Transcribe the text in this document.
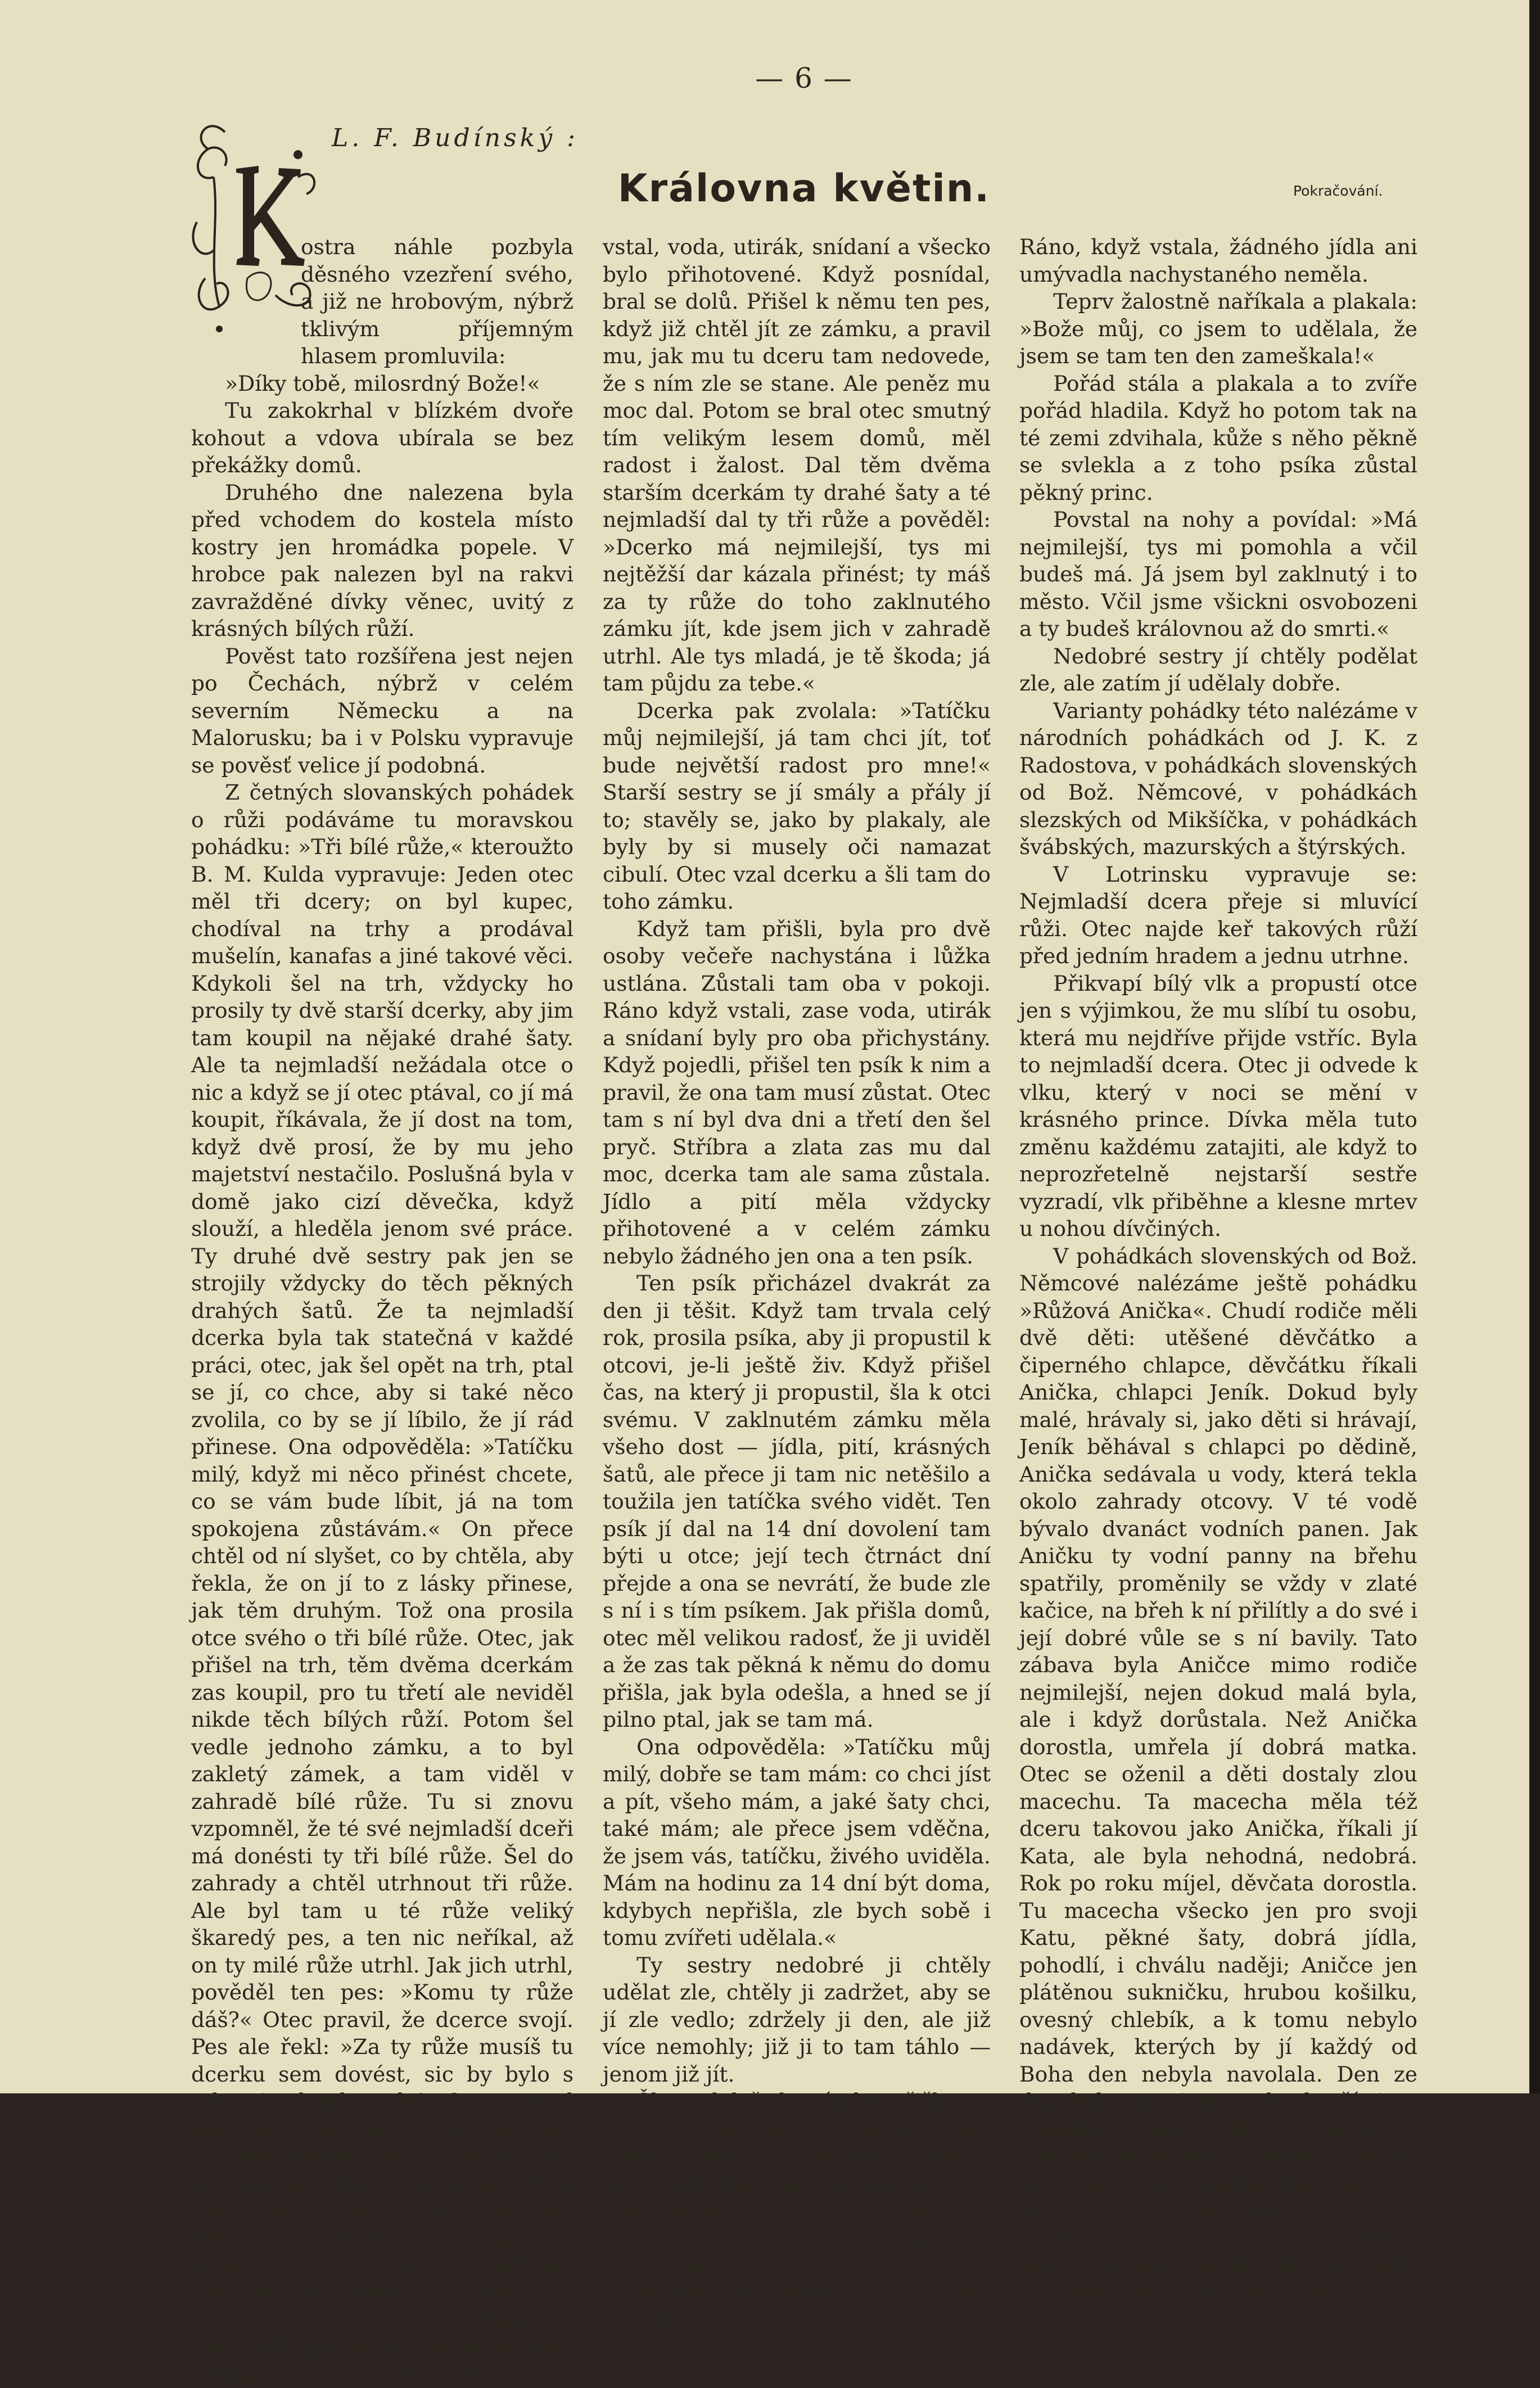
— 6 —
L. F. Budínský :
Královna květin.	Pokračování.

ostra náhle pozbyla děsného vzezření svého, a již ne hrobovým, nýbrž tklivým příjemným hlasem promluvila:

»Díky tobě, milosrdný Bože!«

Tu zakokrhal v blízkém dvoře kohout a vdova ubírala se bez překážky domů.

Druhého dne nalezena byla před vchodem do kostela místo kostry jen hromádka popele. V hrobce pak nalezen byl na rakvi zavražděné dívky věnec, uvitý z krásných bílých růží.

Pověst tato rozšířena jest nejen po Čechách, nýbrž v celém severním Německu a na Malorusku; ba i v Polsku vypravuje se pověsť velice jí podobná.

Z četných slovanských pohádek o růži podáváme tu moravskou pohádku: »Tři bílé růže,« kteroužto B. M. Kulda vypravuje: Jeden otec měl tři dcery; on byl kupec, chodíval na trhy a prodával mušelín, kanafas a jiné takové věci. Kdykoli šel na trh, vždycky ho prosily ty dvě starší dcerky, aby jim tam koupil na nějaké drahé šaty. Ale ta nejmladší nežádala otce o nic a když se jí otec ptával, co jí má koupit, říkávala, že jí dost na tom, když dvě prosí, že by mu jeho majetství nestačilo. Poslušná byla v domě jako cizí děvečka, když slouží, a hleděla jenom své práce. Ty druhé dvě sestry pak jen se strojily vždycky do těch pěkných drahých šatů. Že ta nejmladší dcerka byla tak statečná v každé práci, otec, jak šel opět na trh, ptal se jí, co chce, aby si také něco zvolila, co by se jí líbilo, že jí rád přinese. Ona odpověděla: »Tatíčku milý, když mi něco přinést chcete, co se vám bude líbit, já na tom spokojena zůstávám.« On přece chtěl od ní slyšet, co by chtěla, aby řekla, že on jí to z lásky přinese, jak těm druhým. Tož ona prosila otce svého o tři bílé růže. Otec, jak přišel na trh, těm dvěma dcerkám zas koupil, pro tu třetí ale neviděl nikde těch bílých růží. Potom šel vedle jednoho zámku, a to byl zakletý zámek, a tam viděl v zahradě bílé růže. Tu si znovu vzpomněl, že té své nejmladší dceři má donésti ty tři bílé růže. Šel do zahrady a chtěl utrhnout tři růže. Ale byl tam u té růže veliký škaredý pes, a ten nic neříkal, až on ty milé růže utrhl. Jak jich utrhl, pověděl ten pes: »Komu ty růže dáš?« Otec pravil, že dcerce svojí. Pes ale řekl: »Za ty růže musíš tu dcerku sem dovést, sic by bylo s tebou i s dcerkou zle!« Otec se nad tím velice zarmoutil a nevěděl, má-li s těmi růžemi odejít či nemá. Tak ho tam zašla tma a on musel v tom zaklnutém zámku zůstat přes noc. Když tam povečeřel, tož se po těch světnicích procházel a žádného tam nenalezl, jenom na stolíku pro jednu osobu večeři přichystanou i také lůžko pro jednu osobu ustlané. Zůstal tam na noc. Ráno, když

vstal, voda, utirák, snídaní a všecko bylo přihotovené. Když posnídal, bral se dolů. Přišel k němu ten pes, když již chtěl jít ze zámku, a pravil mu, jak mu tu dceru tam nedovede, že s ním zle se stane. Ale peněz mu moc dal. Potom se bral otec smutný tím velikým lesem domů, měl radost i žalost. Dal těm dvěma starším dcerkám ty drahé šaty a té nejmladší dal ty tři růže a pověděl: »Dcerko má nejmilejší, tys mi nejtěžší dar kázala přinést; ty máš za ty růže do toho zaklnutého zámku jít, kde jsem jich v zahradě utrhl. Ale tys mladá, je tě škoda; já tam půjdu za tebe.«

Dcerka pak zvolala: »Tatíčku můj nejmilejší, já tam chci jít, toť bude největší radost pro mne!« Starší sestry se jí smály a přály jí to; stavěly se, jako by plakaly, ale byly by si musely oči namazat cibulí. Otec vzal dcerku a šli tam do toho zámku.

Když tam přišli, byla pro dvě osoby večeře nachystána i lůžka ustlána. Zůstali tam oba v pokoji. Ráno když vstali, zase voda, utirák a snídaní byly pro oba přichystány. Když pojedli, přišel ten psík k nim a pravil, že ona tam musí zůstat. Otec tam s ní byl dva dni a třetí den šel pryč. Stříbra a zlata zas mu dal moc, dcerka tam ale sama zůstala. Jídlo a pití měla vždycky přihotovené a v celém zámku nebylo žádného jen ona a ten psík.

Ten psík přicházel dvakrát za den ji těšit. Když tam trvala celý rok, prosila psíka, aby ji propustil k otcovi, je-li ještě živ. Když přišel čas, na který ji propustil, šla k otci svému. V zaklnutém zámku měla všeho dost — jídla, pití, krásných šatů, ale přece ji tam nic netěšilo a toužila jen tatíčka svého vidět. Ten psík jí dal na 14 dní dovolení tam býti u otce; její tech čtrnáct dní přejde a ona se nevrátí, že bude zle s ní i s tím psíkem. Jak přišla domů, otec měl velikou radosť, že ji uviděl a že zas tak pěkná k němu do domu přišla, jak byla odešla, a hned se jí pilno ptal, jak se tam má.

Ona odpověděla: »Tatíčku můj milý, dobře se tam mám: co chci jíst a pít, všeho mám, a jaké šaty chci, také mám; ale přece jsem vděčna, že jsem vás, tatíčku, živého uviděla. Mám na hodinu za 14 dní být doma, kdybych nepřišla, zle bych sobě i tomu zvířeti udělala.«

Ty sestry nedobré ji chtěly udělat zle, chtěly ji zadržet, aby se jí zle vedlo; zdržely ji den, ale již více nemohly; již ji to tam táhlo — jenom již jít.

Šla, a když do zámku přišla, to zvíře již tam na tom místě u toho lůžka leželo a nežive bylo. Když k němu mluvila, ani se nehnulo. Tu ona zplakala, že jak ona sama včil tam bude, když to zvíře pro ni mrtvé ostává.

Potom se smutně do lůžka položila.

Ráno, když vstala, žádného jídla ani umývadla nachystaného neměla.

Teprv žalostně naříkala a plakala: »Bože můj, co jsem to udělala, že jsem se tam ten den zameškala!«

Pořád stála a plakala a to zvíře pořád hladila. Když ho potom tak na té zemi zdvihala, kůže s něho pěkně se svlekla a z toho psíka zůstal pěkný princ.

Povstal na nohy a povídal: »Má nejmilejší, tys mi pomohla a včil budeš má. Já jsem byl zaklnutý i to město. Včil jsme všickni osvobozeni a ty budeš královnou až do smrti.«

Nedobré sestry jí chtěly podělat zle, ale zatím jí udělaly dobře.

Varianty pohádky této nalézáme v národních pohádkách od J. K. z Radostova, v pohádkách slovenských od Bož. Němcové, v pohádkách slezských od Mikšíčka, v pohádkách švábských, mazurských a štýrských.

V Lotrinsku vypravuje se: Nejmladší dcera přeje si mluvící růži. Otec najde keř takových růží před jedním hradem a jednu utrhne.

Přikvapí bílý vlk a propustí otce jen s výjimkou, že mu slíbí tu osobu, která mu nejdříve přijde vstříc. Byla to nejmladší dcera. Otec ji odvede k vlku, který v noci se mění v krásného prince. Dívka měla tuto změnu každému zatajiti, ale když to neprozřetelně nejstarší sestře vyzradí, vlk přiběhne a klesne mrtev u nohou dívčiných.

V pohádkách slovenských od Bož. Němcové nalézáme ještě pohádku »Růžová Anička«. Chudí rodiče měli dvě děti: utěšené děvčátko a čiperného chlapce, děvčátku říkali Anička, chlapci Jeník. Dokud byly malé, hrávaly si, jako děti si hrávají, Jeník běhával s chlapci po dědině, Anička sedávala u vody, která tekla okolo zahrady otcovy. V té vodě bývalo dvanáct vodních panen. Jak Aničku ty vodní panny na břehu spatřily, proměnily se vždy v zlaté kačice, na břeh k ní přilítly a do své i její dobré vůle se s ní bavily. Tato zábava byla Aničce mimo rodiče nejmilejší, nejen dokud malá byla, ale i když dorůstala. Než Anička dorostla, umřela jí dobrá matka. Otec se oženil a děti dostaly zlou macechu. Ta macecha měla též dceru takovou jako Anička, říkali jí Kata, ale byla nehodná, nedobrá. Rok po roku míjel, děvčata dorostla. Tu macecha všecko jen pro svoji Katu, pěkné šaty, dobrá jídla, pohodlí, i chválu naději; Aničce jen plátěnou sukničku, hrubou košilku, ovesný chlebík, a k tomu nebylo nadávek, kterých by jí každý od Boha den nebyla navolala. Den ze dne byla na ni macecha horší; i tu jedinkou radost, kterou měla se zlatými kačičkami, jí bránila, řkouc, že by se styděti mohla, tak stará již, hráti si a nechati matku prací se mořiti. Zachovávala sice ten příkaz Anička, pokud mohla, ale když měla po chvíli, vždy odběhla k vodě ke
